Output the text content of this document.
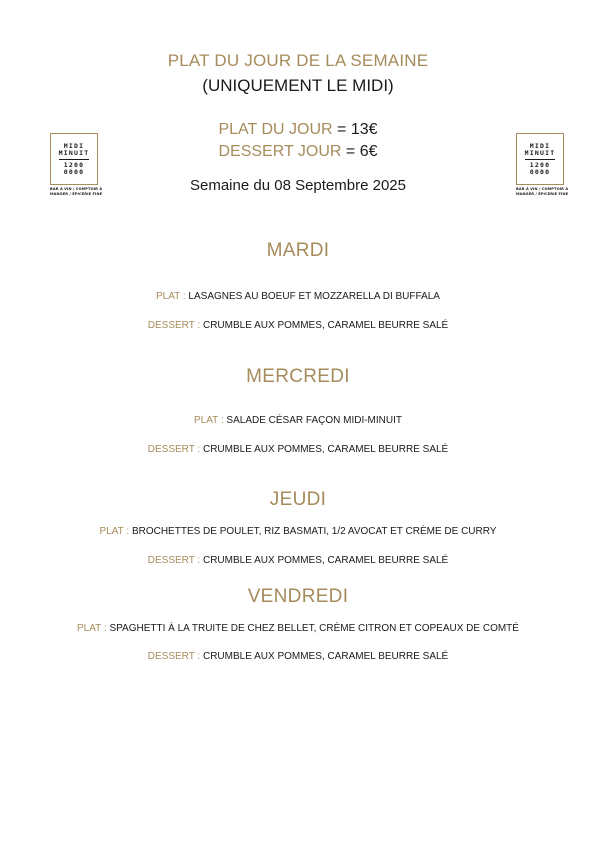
PLAT DU JOUR DE LA SEMAINE
(UNIQUEMENT LE MIDI)
PLAT DU JOUR = 13€
DESSERT JOUR = 6€
Semaine du 08 Septembre 2025
MIDI
MINUIT
1200
0000
BAR À VIN / COMPTOIR À
MANGER / ÉPICERIE FINE
MIDI
MINUIT
1200
0000
BAR À VIN / COMPTOIR À
MANGER / ÉPICERIE FINE
MARDI
PLAT : LASAGNES AU BOEUF ET MOZZARELLA DI BUFFALA
DESSERT : CRUMBLE AUX POMMES, CARAMEL BEURRE SALÉ
MERCREDI
PLAT : SALADE CÉSAR FAÇON MIDI-MINUIT
DESSERT : CRUMBLE AUX POMMES, CARAMEL BEURRE SALÉ
JEUDI
PLAT : BROCHETTES DE POULET, RIZ BASMATI, 1/2 AVOCAT ET CRÈME DE CURRY
DESSERT : CRUMBLE AUX POMMES, CARAMEL BEURRE SALÉ
VENDREDI
PLAT : SPAGHETTI À LA TRUITE DE CHEZ BELLET, CRÈME CITRON ET COPEAUX DE COMTÉ
DESSERT : CRUMBLE AUX POMMES, CARAMEL BEURRE SALÉ
